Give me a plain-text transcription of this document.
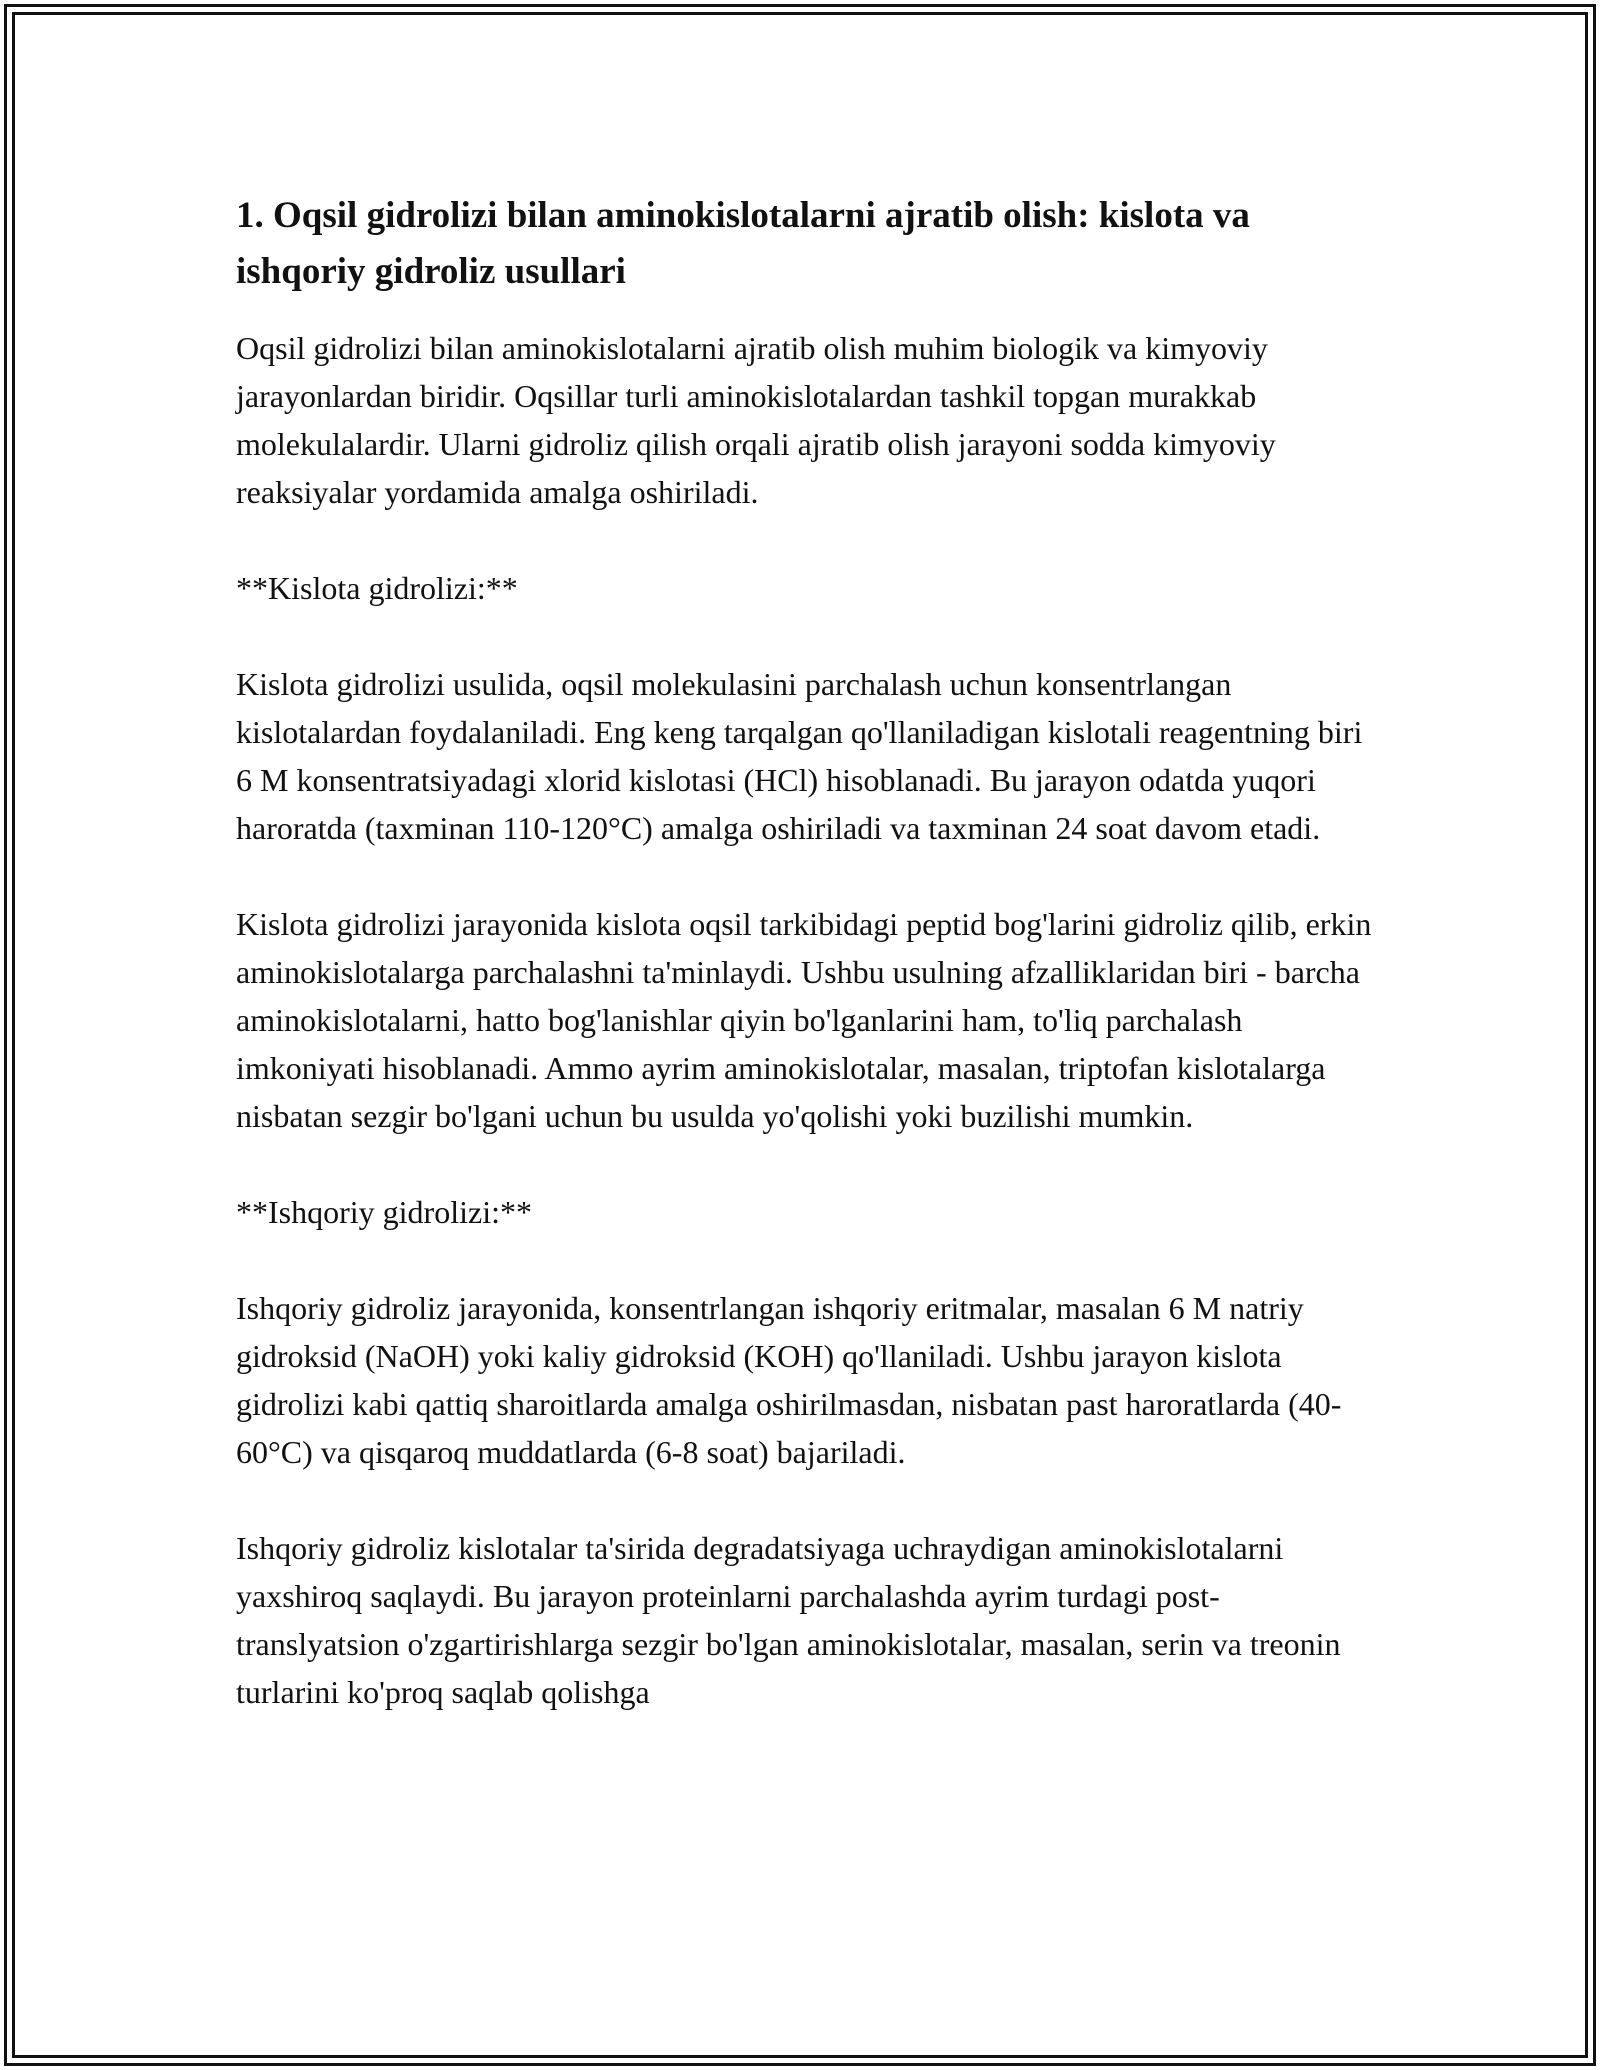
1. Oqsil gidrolizi bilan aminokislotalarni ajratib olish: kislota va ishqoriy gidroliz usullari

Oqsil gidrolizi bilan aminokislotalarni ajratib olish muhim biologik va kimyoviy jarayonlardan biridir. Oqsillar turli aminokislotalardan tashkil topgan murakkab molekulalardir. Ularni gidroliz qilish orqali ajratib olish jarayoni sodda kimyoviy reaksiyalar yordamida amalga oshiriladi.

**Kislota gidrolizi:**

Kislota gidrolizi usulida, oqsil molekulasini parchalash uchun konsentrlangan kislotalardan foydalaniladi. Eng keng tarqalgan qo'llaniladigan kislotali reagentning biri 6 M konsentratsiyadagi xlorid kislotasi (HCl) hisoblanadi. Bu jarayon odatda yuqori haroratda (taxminan 110-120°C) amalga oshiriladi va taxminan 24 soat davom etadi.

Kislota gidrolizi jarayonida kislota oqsil tarkibidagi peptid bog'larini gidroliz qilib, erkin aminokislotalarga parchalashni ta'minlaydi. Ushbu usulning afzalliklaridan biri - barcha aminokislotalarni, hatto bog'lanishlar qiyin bo'lganlarini ham, to'liq parchalash imkoniyati hisoblanadi. Ammo ayrim aminokislotalar, masalan, triptofan kislotalarga nisbatan sezgir bo'lgani uchun bu usulda yo'qolishi yoki buzilishi mumkin.

**Ishqoriy gidrolizi:**

Ishqoriy gidroliz jarayonida, konsentrlangan ishqoriy eritmalar, masalan 6 M natriy gidroksid (NaOH) yoki kaliy gidroksid (KOH) qo'llaniladi. Ushbu jarayon kislota gidrolizi kabi qattiq sharoitlarda amalga oshirilmasdan, nisbatan past haroratlarda (40-60°C) va qisqaroq muddatlarda (6-8 soat) bajariladi.

Ishqoriy gidroliz kislotalar ta'sirida degradatsiyaga uchraydigan aminokislotalarni yaxshiroq saqlaydi. Bu jarayon proteinlarni parchalashda ayrim turdagi post-translyatsion o'zgartirishlarga sezgir bo'lgan aminokislotalar, masalan, serin va treonin turlarini ko'proq saqlab qolishga
